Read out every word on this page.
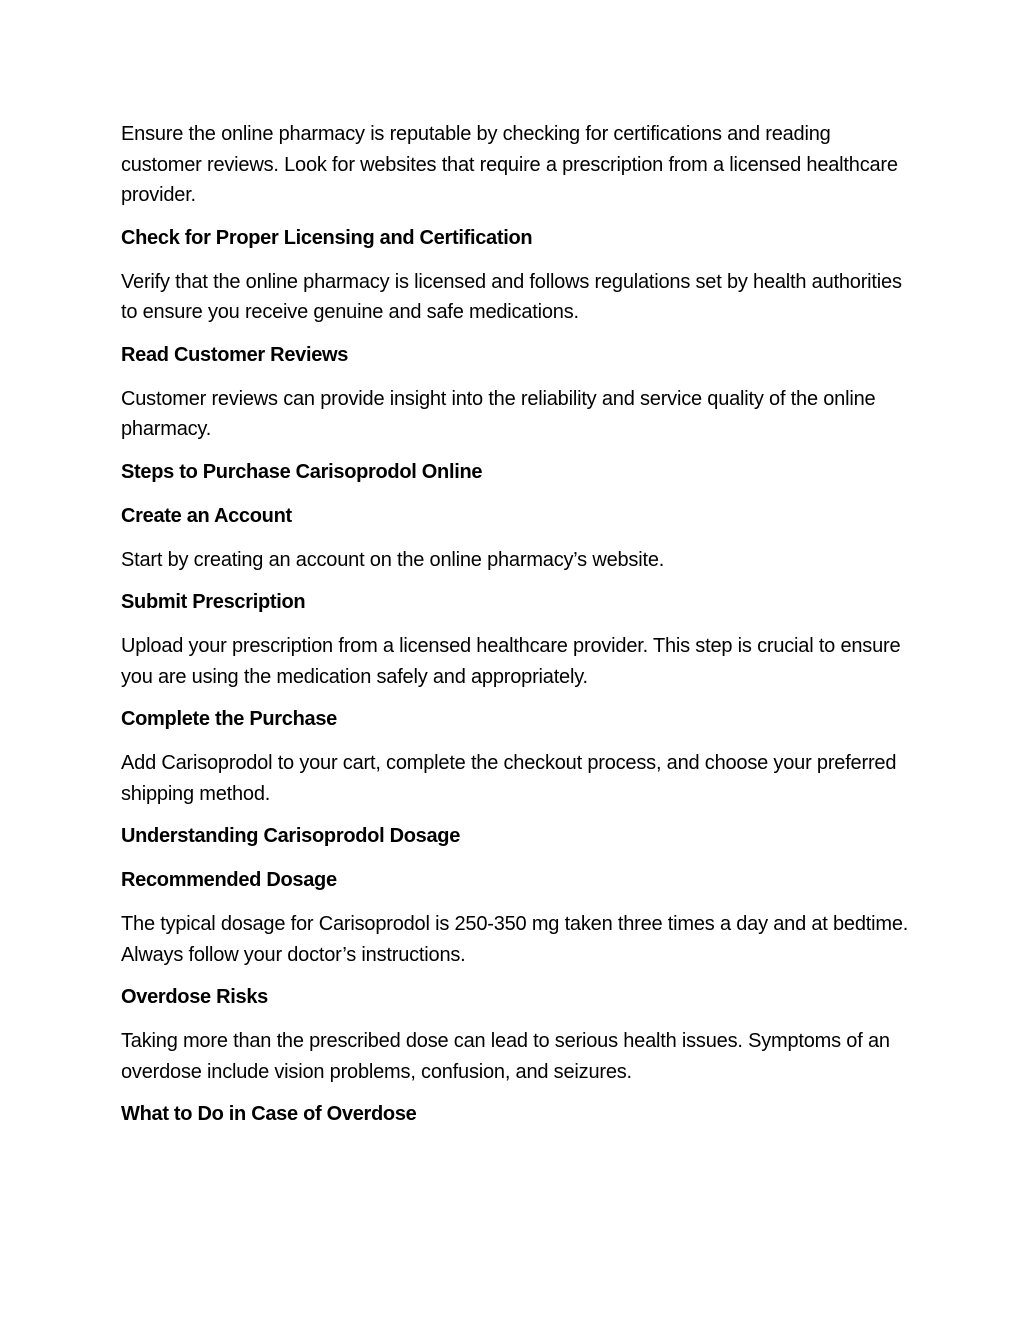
Ensure the online pharmacy is reputable by checking for certifications and reading customer reviews. Look for websites that require a prescription from a licensed healthcare provider.

Check for Proper Licensing and Certification

Verify that the online pharmacy is licensed and follows regulations set by health authorities to ensure you receive genuine and safe medications.

Read Customer Reviews

Customer reviews can provide insight into the reliability and service quality of the online pharmacy.

Steps to Purchase Carisoprodol Online
Create an Account

Start by creating an account on the online pharmacy’s website.

Submit Prescription

Upload your prescription from a licensed healthcare provider. This step is crucial to ensure you are using the medication safely and appropriately.

Complete the Purchase

Add Carisoprodol to your cart, complete the checkout process, and choose your preferred shipping method.

Understanding Carisoprodol Dosage
Recommended Dosage

The typical dosage for Carisoprodol is 250-350 mg taken three times a day and at bedtime. Always follow your doctor’s instructions.

Overdose Risks

Taking more than the prescribed dose can lead to serious health issues. Symptoms of an overdose include vision problems, confusion, and seizures.

What to Do in Case of Overdose
